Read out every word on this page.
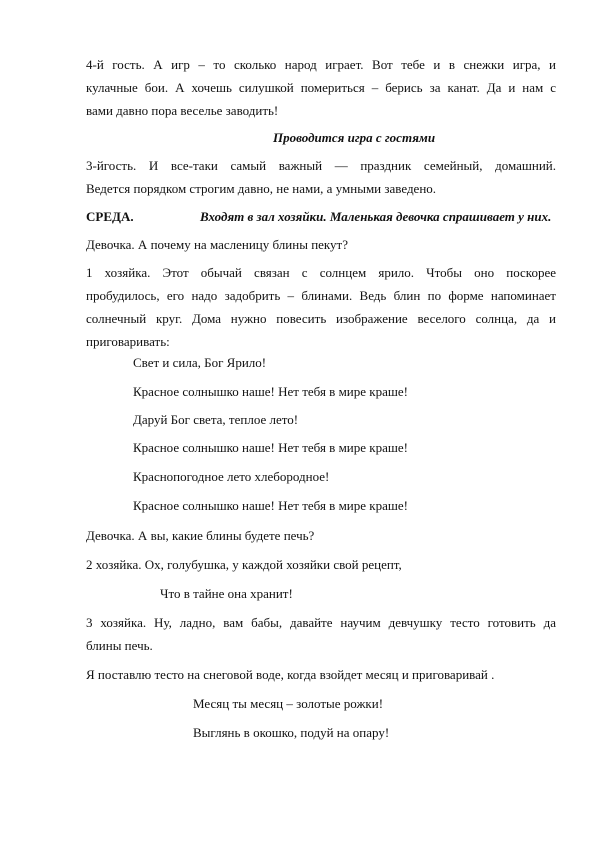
4-й гость. А игр – то сколько народ играет. Вот тебе и в снежки игра, и
кулачные бои. А хочешь силушкой помериться – берись за канат. Да и нам с
вами давно пора веселье заводить!
Проводится игра с гостями
3-йгость. И все-таки самый важный — праздник семейный, домашний.
Ведется порядком строгим давно, не нами, а умными заведено.
СРЕДА.	Входят в зал хозяйки. Маленькая девочка спрашивает у них.
Девочка. А почему на масленицу блины пекут?
1 хозяйка. Этот обычай связан с солнцем ярило. Чтобы оно поскорее
пробудилось, его надо задобрить – блинами. Ведь блин по форме напоминает
солнечный круг. Дома нужно повесить изображение веселого солнца, да и
приговаривать:
Свет и сила, Бог Ярило!
Красное солнышко наше! Нет тебя в мире краше!
Даруй Бог света, теплое лето!
Красное солнышко наше! Нет тебя в мире краше!
Краснопогодное лето хлебородное!
Красное солнышко наше! Нет тебя в мире краше!
Девочка. А вы, какие блины будете печь?
2 хозяйка. Ох, голубушка, у каждой хозяйки свой рецепт,
Что в тайне она хранит!
3 хозяйка. Ну, ладно, вам бабы, давайте научим девчушку тесто готовить да
блины печь.
Я поставлю тесто на снеговой воде, когда взойдет месяц и приговаривай .
Месяц ты месяц – золотые рожки!
Выглянь в окошко, подуй на опару!
